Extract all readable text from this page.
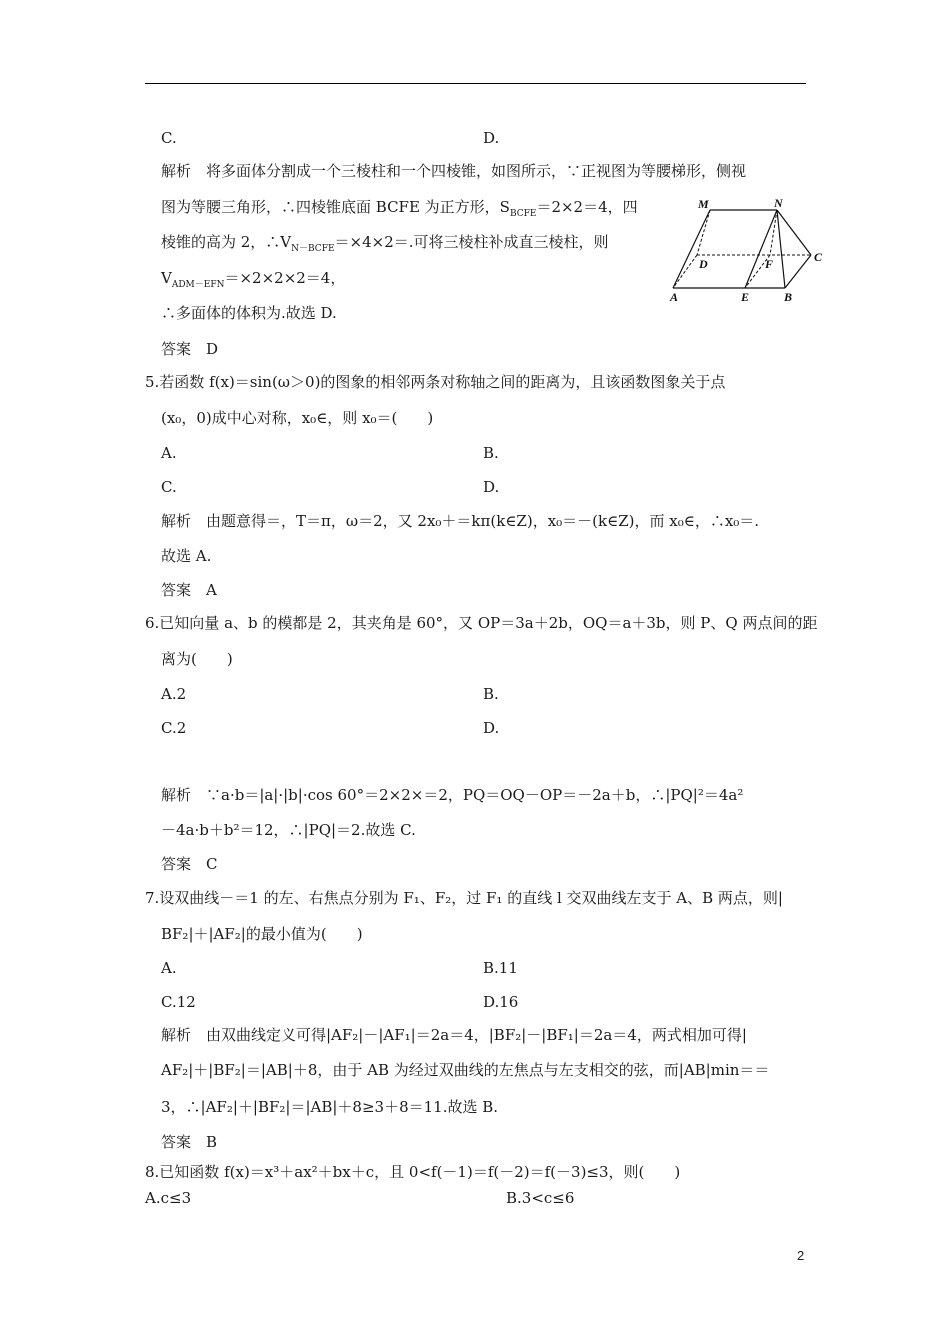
C.	D.
解析　将多面体分割成一个三棱柱和一个四棱锥，如图所示，∵正视图为等腰梯形，侧视
图为等腰三角形，∴四棱锥底面 BCFE 为正方形，$S_{BCFE}=2\times 2=4$，四
棱锥的高为 2，$\therefore V_{N-BCFE}=\times 4\times 2=$.可将三棱柱补成直三棱柱，则
$V_{ADM-EFN}=\times 2\times 2\times 2=4$，
∴多面体的体积为.故选 D.
答案　D
M	N
D	F	C
A	E	B
5.若函数 f(x)＝sin(ω＞0)的图象的相邻两条对称轴之间的距离为，且该函数图象关于点
(x₀，0)成中心对称，x₀∈，则 x₀＝(　　)
A.	B.
C.	D.
解析　由题意得＝，T＝π，ω＝2，又 2x₀＋＝kπ(k∈Z)，x₀＝－(k∈Z)，而 x₀∈，∴x₀＝.
故选 A.
答案　A
6.已知向量 a、b 的模都是 2，其夹角是 60°，又 OP＝3a＋2b，OQ＝a＋3b，则 P、Q 两点间的距
离为(　　)
A.2	B.
C.2	D.
解析　∵a·b＝|a|·|b|·cos 60°＝2×2×＝2，PQ＝OQ－OP＝－2a＋b，∴|PQ|²＝4a²
－4a·b＋b²＝12，∴|PQ|＝2.故选 C.
答案　C
7.设双曲线－＝1 的左、右焦点分别为 F₁、F₂，过 F₁ 的直线 l 交双曲线左支于 A、B 两点，则|
BF₂|＋|AF₂|的最小值为(　　)
A.	B.11
C.12	D.16
解析　由双曲线定义可得|AF₂|－|AF₁|＝2a＝4，|BF₂|－|BF₁|＝2a＝4，两式相加可得|
AF₂|＋|BF₂|＝|AB|＋8，由于 AB 为经过双曲线的左焦点与左支相交的弦，而|AB|min＝＝
3，∴|AF₂|＋|BF₂|＝|AB|＋8≥3＋8＝11.故选 B.
答案　B
8.已知函数 f(x)＝x³＋ax²＋bx＋c，且 0<f(－1)＝f(－2)＝f(－3)≤3，则(　　)
A.c≤3	B.3<c≤6
2
